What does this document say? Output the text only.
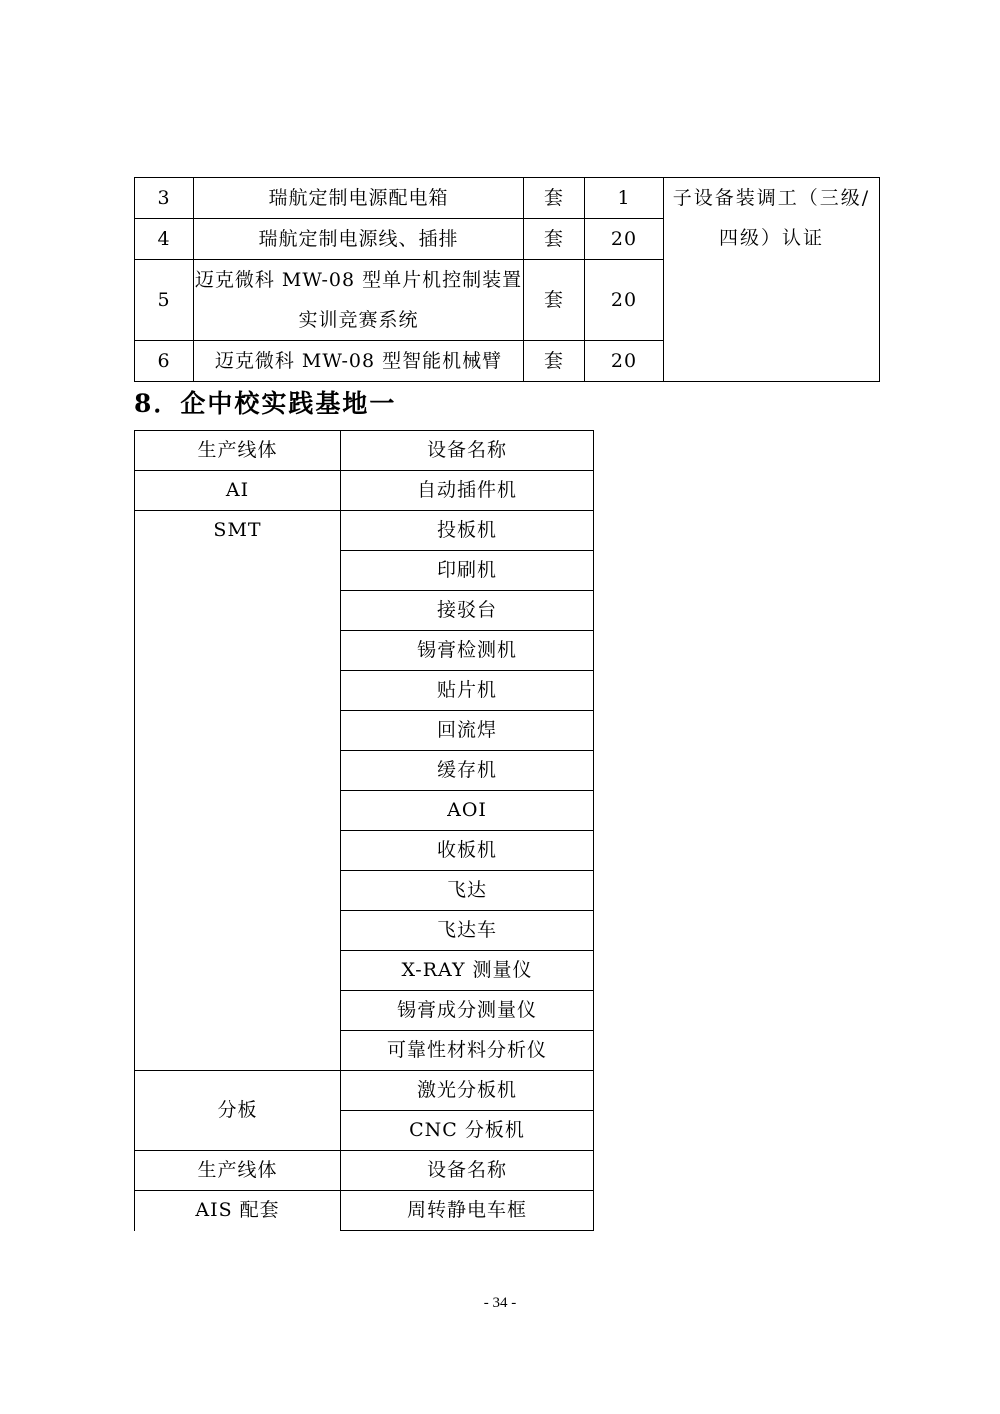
3	瑞航定制电源配电箱	套	1	子设备装调工（三级/
四级）认证

4	瑞航定制电源线、插排	套	20	
5	迈克微科 MW-08 型单片机控制装置
实训竞赛系统	套	20	
6	迈克微科 MW-08 型智能机械臂	套	20	
8．企中校实践基地一
生产线体	设备名称
AI	自动插件机
SMT	投板机
	印刷机
	接驳台
	锡膏检测机
	贴片机
	回流焊
	缓存机
	AOI
	收板机
	飞达
	飞达车
	X-RAY 测量仪
	锡膏成分测量仪
	可靠性材料分析仪
分板	激光分板机
	CNC 分板机
生产线体	设备名称
AIS 配套	周转静电车框
- 34 -
